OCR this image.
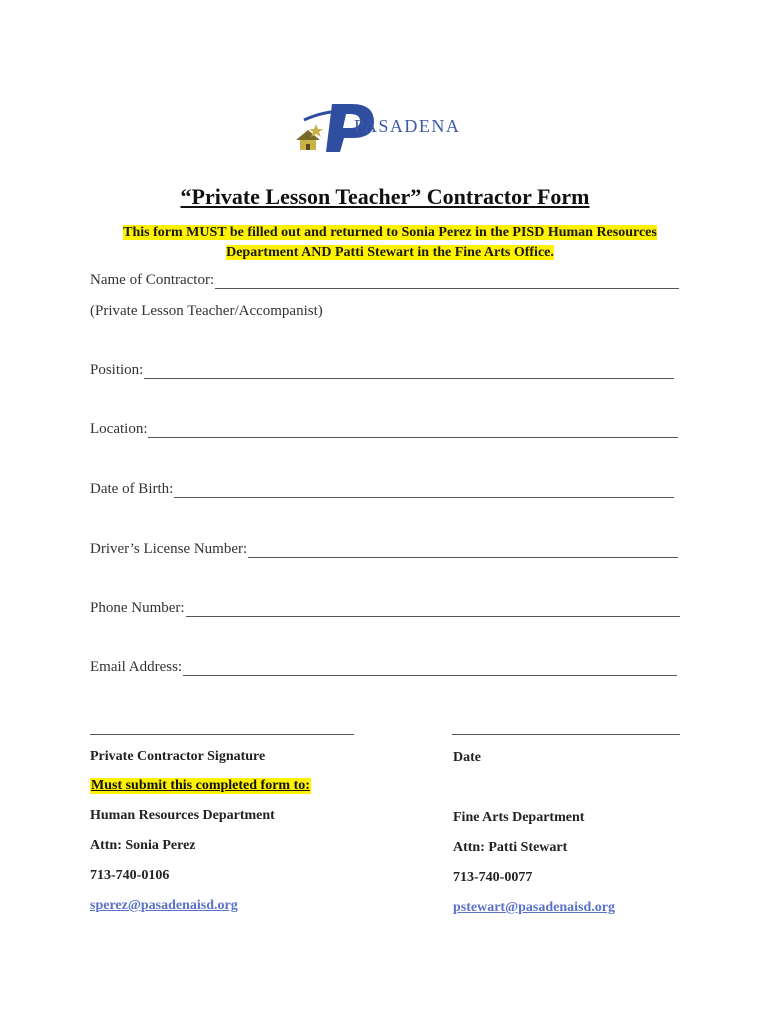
PASADENA
“Private Lesson Teacher” Contractor Form
This form MUST be filled out and returned to Sonia Perez in the PISD Human Resources
Department AND Patti Stewart in the Fine Arts Office.
Name of Contractor:
(Private Lesson Teacher/Accompanist)
Position:
Location:
Date of Birth:
Driver’s License Number:
Phone Number:
Email Address:
Private Contractor Signature	Date
Must submit this completed form to:
Human Resources Department
Attn: Sonia Perez
713-740-0106
sperez@pasadenaisd.org
Fine Arts Department
Attn: Patti Stewart
713-740-0077
pstewart@pasadenaisd.org
